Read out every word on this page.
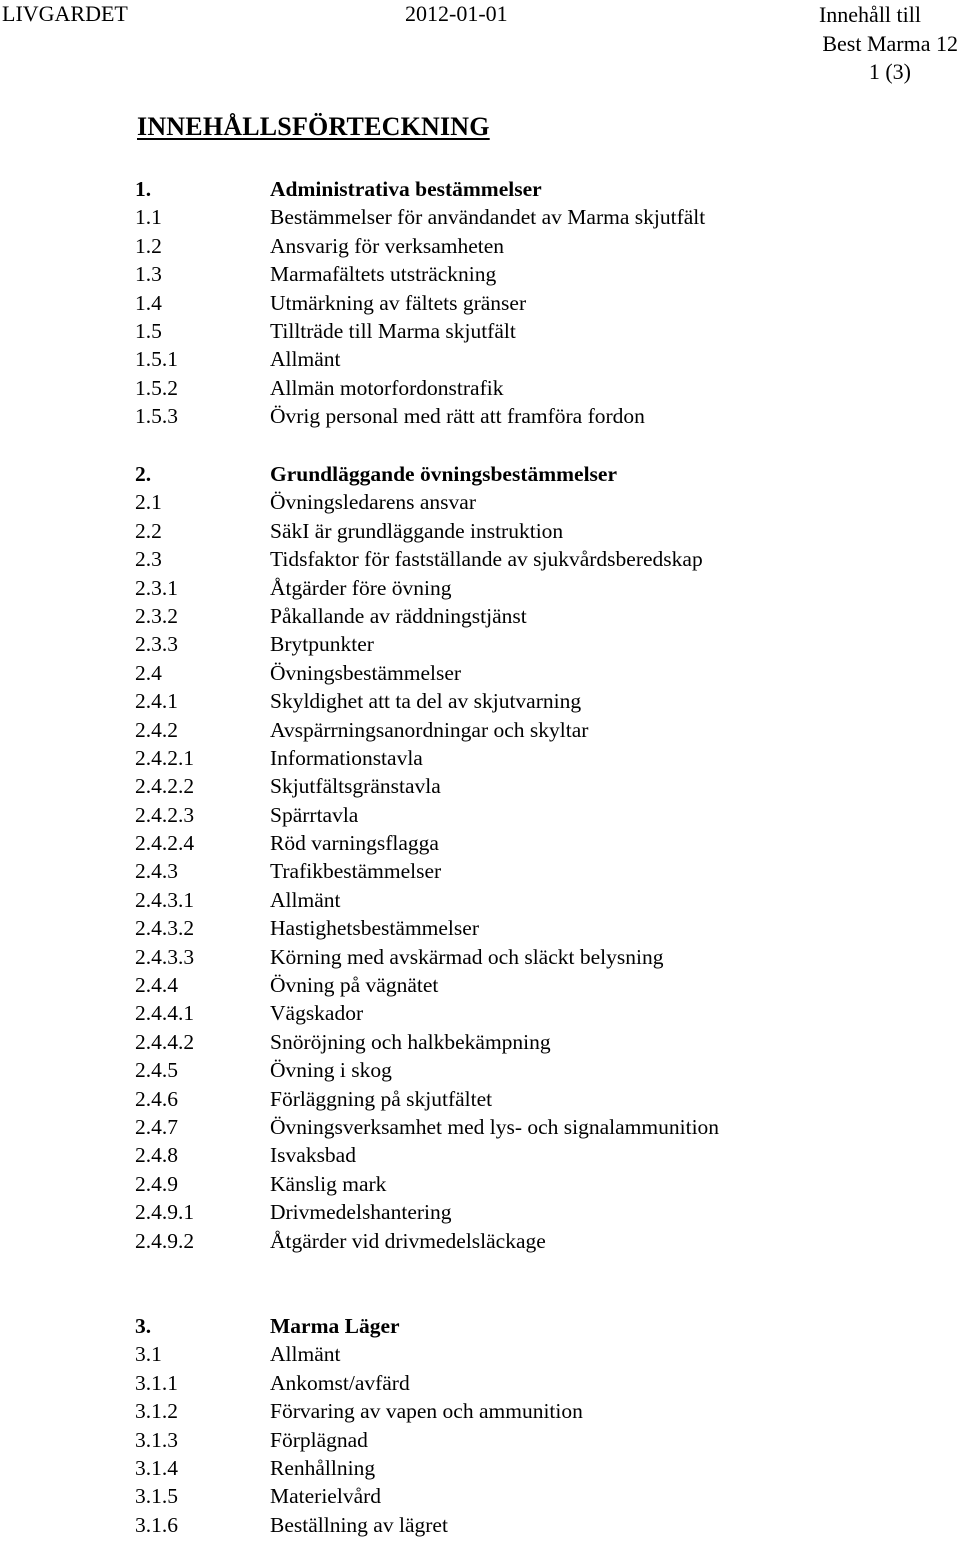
LIVGARDET	2012-01-01	Innehåll till
Best Marma 12
1 (3)
INNEHÅLLSFÖRTECKNING
1.	Administrativa bestämmelser
1.1	Bestämmelser för användandet av Marma skjutfält
1.2	Ansvarig för verksamheten
1.3	Marmafältets utsträckning
1.4	Utmärkning av fältets gränser
1.5	Tillträde till Marma skjutfält
1.5.1	Allmänt
1.5.2	Allmän motorfordonstrafik
1.5.3	Övrig personal med rätt att framföra fordon
2.	Grundläggande övningsbestämmelser
2.1	Övningsledarens ansvar
2.2	SäkI är grundläggande instruktion
2.3	Tidsfaktor för fastställande av sjukvårdsberedskap
2.3.1	Åtgärder före övning
2.3.2	Påkallande av räddningstjänst
2.3.3	Brytpunkter
2.4	Övningsbestämmelser
2.4.1	Skyldighet att ta del av skjutvarning
2.4.2	Avspärrningsanordningar och skyltar
2.4.2.1	Informationstavla
2.4.2.2	Skjutfältsgränstavla
2.4.2.3	Spärrtavla
2.4.2.4	Röd varningsflagga
2.4.3	Trafikbestämmelser
2.4.3.1	Allmänt
2.4.3.2	Hastighetsbestämmelser
2.4.3.3	Körning med avskärmad och släckt belysning
2.4.4	Övning på vägnätet
2.4.4.1	Vägskador
2.4.4.2	Snöröjning och halkbekämpning
2.4.5	Övning i skog
2.4.6	Förläggning på skjutfältet
2.4.7	Övningsverksamhet med lys- och signalammunition
2.4.8	Isvaksbad
2.4.9	Känslig mark
2.4.9.1	Drivmedelshantering
2.4.9.2	Åtgärder vid drivmedelsläckage
3.	Marma Läger
3.1	Allmänt
3.1.1	Ankomst/avfärd
3.1.2	Förvaring av vapen och ammunition
3.1.3	Förplägnad
3.1.4	Renhållning
3.1.5	Materielvård
3.1.6	Beställning av lägret
